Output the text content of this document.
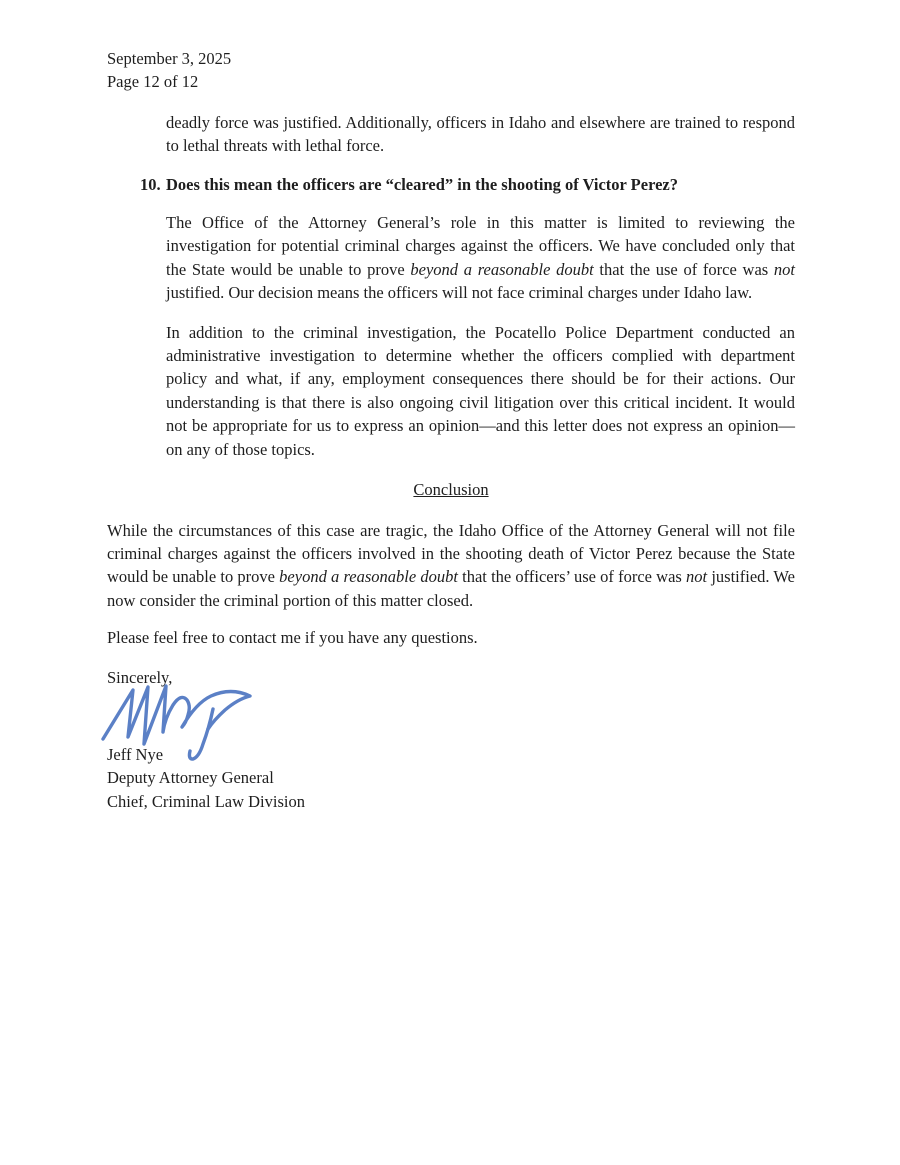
September 3, 2025

Page 12 of 12

deadly force was justified. Additionally, officers in Idaho and elsewhere are trained to respond to lethal threats with lethal force.

10. Does this mean the officers are “cleared” in the shooting of Victor Perez?

The Office of the Attorney General’s role in this matter is limited to reviewing the investigation for potential criminal charges against the officers. We have concluded only that the State would be unable to prove beyond a reasonable doubt that the use of force was not justified. Our decision means the officers will not face criminal charges under Idaho law.

In addition to the criminal investigation, the Pocatello Police Department conducted an administrative investigation to determine whether the officers complied with department policy and what, if any, employment consequences there should be for their actions. Our understanding is that there is also ongoing civil litigation over this critical incident. It would not be appropriate for us to express an opinion—and this letter does not express an opinion—on any of those topics.

Conclusion

While the circumstances of this case are tragic, the Idaho Office of the Attorney General will not file criminal charges against the officers involved in the shooting death of Victor Perez because the State would be unable to prove beyond a reasonable doubt that the officers’ use of force was not justified. We now consider the criminal portion of this matter closed.

Please feel free to contact me if you have any questions.

Sincerely,

Jeff Nye

Deputy Attorney General

Chief, Criminal Law Division
